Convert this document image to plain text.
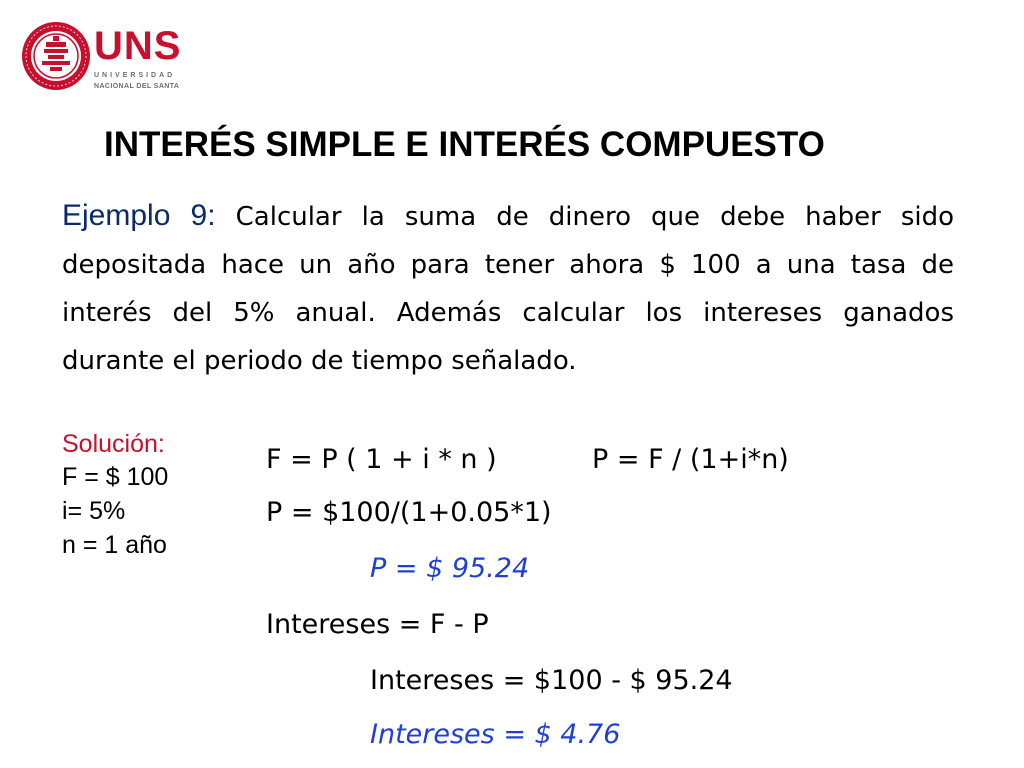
UNS
UNIVERSIDAD
NACIONAL DEL SANTA
INTERÉS SIMPLE E INTERÉS COMPUESTO
Ejemplo 9: Calcular la suma de dinero que debe haber sido depositada hace un año para tener ahora $ 100 a una tasa de interés del 5% anual. Además calcular los intereses ganados durante el periodo de tiempo señalado.
Solución:
F = $ 100
i= 5%
n = 1 año
F = P ( 1 + i * n )	P = F / (1+i*n)
P = $100/(1+0.05*1)
P = $ 95.24
Intereses = F - P
Intereses = $100 - $ 95.24
Intereses = $ 4.76
